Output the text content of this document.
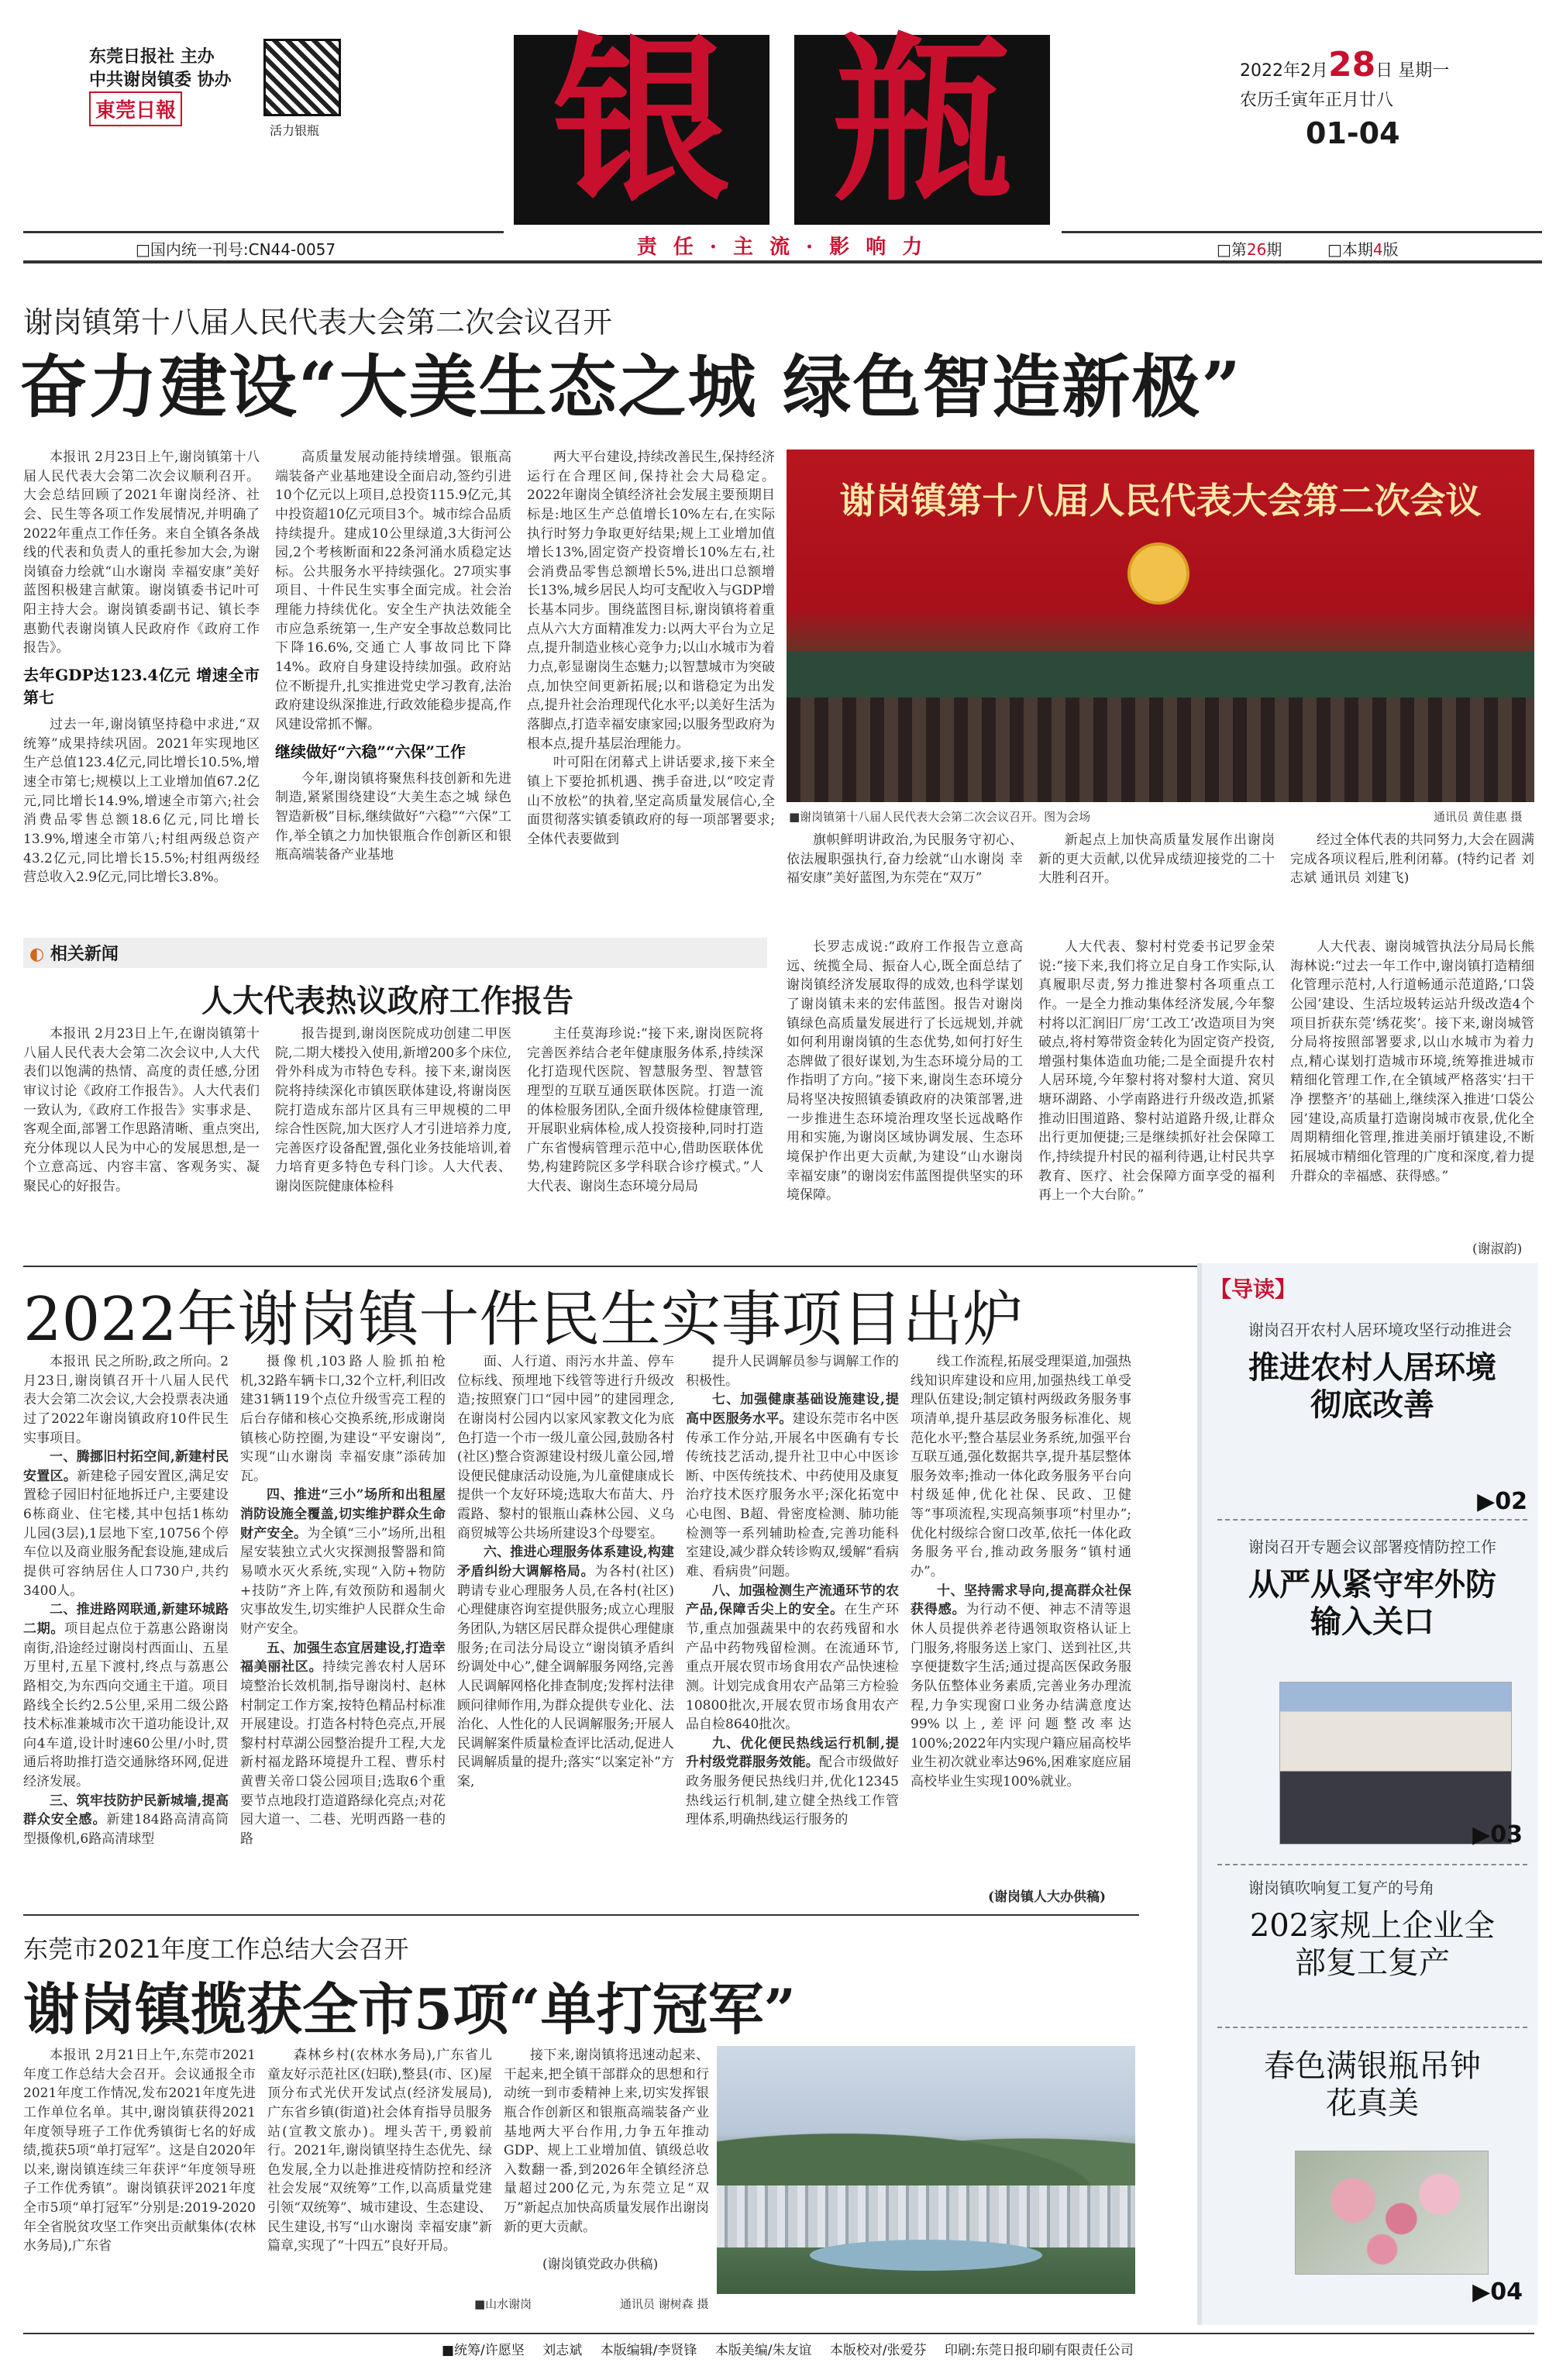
东莞日报社 主办
中共谢岗镇委 协办
東莞日報
活力银瓶 银 瓶
责 任 · 主 流 · 影 响 力
2022年2月28日 星期一
农历壬寅年正月廿八
01-04
□国内统一刊号:CN44-0057	□第26期	□本期4版
谢岗镇第十八届人民代表大会第二次会议召开
奋力建设“大美生态之城 绿色智造新极”

本报讯 2月23日上午,谢岗镇第十八届人民代表大会第二次会议顺利召开。大会总结回顾了2021年谢岗经济、社会、民生等各项工作发展情况,并明确了2022年重点工作任务。来自全镇各条战线的代表和负责人的重托参加大会,为谢岗镇奋力绘就“山水谢岗 幸福安康”美好蓝图积极建言献策。谢岗镇委书记叶可阳主持大会。谢岗镇委副书记、镇长李惠勤代表谢岗镇人民政府作《政府工作报告》。

去年GDP达123.4亿元 增速全市第七

过去一年,谢岗镇坚持稳中求进,“双统筹”成果持续巩固。2021年实现地区生产总值123.4亿元,同比增长10.5%,增速全市第七;规模以上工业增加值67.2亿元,同比增长14.9%,增速全市第六;社会消费品零售总额18.6亿元,同比增长13.9%,增速全市第八;村组两级总资产43.2亿元,同比增长15.5%;村组两级经营总收入2.9亿元,同比增长3.8%。

高质量发展动能持续增强。银瓶高端装备产业基地建设全面启动,签约引进10个亿元以上项目,总投资115.9亿元,其中投资超10亿元项目3个。城市综合品质持续提升。建成10公里绿道,3大街河公园,2个考核断面和22条河涌水质稳定达标。公共服务水平持续强化。27项实事项目、十件民生实事全面完成。社会治理能力持续优化。安全生产执法效能全市应急系统第一,生产安全事故总数同比下降16.6%,交通亡人事故同比下降14%。政府自身建设持续加强。政府站位不断提升,扎实推进党史学习教育,法治政府建设纵深推进,行政效能稳步提高,作风建设常抓不懈。

继续做好“六稳”“六保”工作

今年,谢岗镇将聚焦科技创新和先进制造,紧紧围绕建设“大美生态之城 绿色智造新极”目标,继续做好“六稳”“六保”工作,举全镇之力加快银瓶合作创新区和银瓶高端装备产业基地

两大平台建设,持续改善民生,保持经济运行在合理区间,保持社会大局稳定。2022年谢岗全镇经济社会发展主要预期目标是:地区生产总值增长10%左右,在实际执行时努力争取更好结果;规上工业增加值增长13%,固定资产投资增长10%左右,社会消费品零售总额增长5%,进出口总额增长13%,城乡居民人均可支配收入与GDP增长基本同步。围绕蓝图目标,谢岗镇将着重点从六大方面精准发力:以两大平台为立足点,提升制造业核心竞争力;以山水城市为着力点,彰显谢岗生态魅力;以智慧城市为突破点,加快空间更新拓展;以和谐稳定为出发点,提升社会治理现代化水平;以美好生活为落脚点,打造幸福安康家园;以服务型政府为根本点,提升基层治理能力。

叶可阳在闭幕式上讲话要求,接下来全镇上下要抢抓机遇、携手奋进,以“咬定青山不放松”的执着,坚定高质量发展信心,全面贯彻落实镇委镇政府的每一项部署要求;全体代表要做到

谢岗镇第十八届人民代表大会第二次会议
■谢岗镇第十八届人民代表大会第二次会议召开。图为会场	通讯员 黄佳惠 摄

旗帜鲜明讲政治,为民服务守初心、依法履职强执行,奋力绘就“山水谢岗 幸福安康”美好蓝图,为东莞在“双万”

新起点上加快高质量发展作出谢岗新的更大贡献,以优异成绩迎接党的二十大胜利召开。

经过全体代表的共同努力,大会在圆满完成各项议程后,胜利闭幕。(特约记者 刘志斌 通讯员 刘建飞)

◐ 相关新闻
人大代表热议政府工作报告

本报讯 2月23日上午,在谢岗镇第十八届人民代表大会第二次会议中,人大代表们以饱满的热情、高度的责任感,分团审议讨论《政府工作报告》。人大代表们一致认为,《政府工作报告》实事求是、客观全面,部署工作思路清晰、重点突出,充分体现以人民为中心的发展思想,是一个立意高远、内容丰富、客观务实、凝聚民心的好报告。

报告提到,谢岗医院成功创建二甲医院,二期大楼投入使用,新增200多个床位,骨外科成为市特色专科。接下来,谢岗医院将持续深化市镇医联体建设,将谢岗医院打造成东部片区具有三甲规模的二甲综合性医院,加大医疗人才引进培养力度,完善医疗设备配置,强化业务技能培训,着力培育更多特色专科门诊。人大代表、谢岗医院健康体检科

主任莫海珍说:“接下来,谢岗医院将完善医养结合老年健康服务体系,持续深化打造现代医院、智慧服务型、智慧管理型的互联互通医联体医院。打造一流的体检服务团队,全面升级体检健康管理,开展职业病体检,成人投资接种,同时打造广东省慢病管理示范中心,借助医联体优势,构建跨院区多学科联合诊疗模式。”人大代表、谢岗生态环境分局局

长罗志成说:“政府工作报告立意高远、统揽全局、振奋人心,既全面总结了谢岗镇经济发展取得的成效,也科学谋划了谢岗镇未来的宏伟蓝图。报告对谢岗镇绿色高质量发展进行了长远规划,并就如何利用谢岗镇的生态优势,如何打好生态牌做了很好谋划,为生态环境分局的工作指明了方向。”接下来,谢岗生态环境分局将坚决按照镇委镇政府的决策部署,进一步推进生态环境治理攻坚长远战略作用和实施,为谢岗区域协调发展、生态环境保护作出更大贡献,为建设“山水谢岗 幸福安康”的谢岗宏伟蓝图提供坚实的环境保障。

人大代表、黎村村党委书记罗金荣说:“接下来,我们将立足自身工作实际,认真履职尽责,努力推进黎村各项重点工作。一是全力推动集体经济发展,今年黎村将以汇润旧厂房‘工改工’改造项目为突破点,将村筹带资金转化为固定资产投资,增强村集体造血功能;二是全面提升农村人居环境,今年黎村将对黎村大道、窝贝塘环湖路、小学南路进行升级改造,抓紧推动旧围道路、黎村站道路升级,让群众出行更加便捷;三是继续抓好社会保障工作,持续提升村民的福利待遇,让村民共享教育、医疗、社会保障方面享受的福利再上一个大台阶。”

人大代表、谢岗城管执法分局局长熊海林说:“过去一年工作中,谢岗镇打造精细化管理示范村,人行道畅通示范道路,‘口袋公园’建设、生活垃圾转运站升级改造4个项目折获东莞‘绣花奖’。接下来,谢岗城管分局将按照部署要求,以山水城市为着力点,精心谋划打造城市环境,统筹推进城市精细化管理工作,在全镇域严格落实‘扫干净 摆整齐’的基础上,继续深入推进‘口袋公园’建设,高质量打造谢岗城市夜景,优化全周期精细化管理,推进美丽圩镇建设,不断拓展城市精细化管理的广度和深度,着力提升群众的幸福感、获得感。”

(谢淑韵)
2022年谢岗镇十件民生实事项目出炉

本报讯 民之所盼,政之所向。2月23日,谢岗镇召开十八届人民代表大会第二次会议,大会投票表决通过了2022年谢岗镇政府10件民生实事项目。

一、腾挪旧村拓空间,新建村民安置区。新建稔子园安置区,满足安置稔子园旧村征地拆迁户,主要建设6栋商业、住宅楼,其中包括1栋幼儿园(3层),1层地下室,10756个停车位以及商业服务配套设施,建成后提供可容纳居住人口730户,共约3400人。

二、推进路网联通,新建环城路二期。项目起点位于荔惠公路谢岗南街,沿途经过谢岗村西面山、五星万里村,五星下渡村,终点与荔惠公路相交,为东西向交通主干道。项目路线全长约2.5公里,采用二级公路技术标准兼城市次干道功能设计,双向4车道,设计时速60公里/小时,贯通后将助推打造交通脉络环网,促进经济发展。

三、筑牢技防护民新城墙,提高群众安全感。新建184路高清高筒型摄像机,6路高清球型

摄像机,103路人脸抓拍枪机,32路车辆卡口,32个立杆,利旧改建31辆119个点位升级雪亮工程的后台存储和核心交换系统,形成谢岗镇核心防控圈,为建设“平安谢岗”,实现“山水谢岗 幸福安康”添砖加瓦。

四、推进“三小”场所和出租屋消防设施全覆盖,切实维护群众生命财产安全。为全镇“三小”场所,出租屋安装独立式火灾探测报警器和简易喷水灭火系统,实现“入防+物防+技防”齐上阵,有效预防和遏制火灾事故发生,切实维护人民群众生命财产安全。

五、加强生态宜居建设,打造幸福美丽社区。持续完善农村人居环境整治长效机制,指导谢岗村、赵林村制定工作方案,按特色精品村标准开展建设。打造各村特色亮点,开展黎村村草湖公园整治提升工程,大龙新村福龙路环境提升工程、曹乐村黄曹关帝口袋公园项目;选取6个重要节点地段打造道路绿化亮点;对花园大道一、二巷、光明西路一巷的路

面、人行道、雨污水井盖、停车位标线、预埋地下线管等进行升级改造;按照寮门口“园中园”的建园理念,在谢岗村公园内以家风家教文化为底色打造一个市一级儿童公园,鼓励各村(社区)整合资源建设村级儿童公园,增设便民健康活动设施,为儿童健康成长提供一个友好环境;选取大布苗大、丹霞路、黎村的银瓶山森林公园、义乌商贸城等公共场所建设3个母婴室。

六、推进心理服务体系建设,构建矛盾纠纷大调解格局。为各村(社区)聘请专业心理服务人员,在各村(社区)心理健康咨询室提供服务;成立心理服务团队,为辖区居民群众提供心理健康服务;在司法分局设立“谢岗镇矛盾纠纷调处中心”,健全调解服务网络,完善人民调解网格化排查制度;发挥村法律顾问律师作用,为群众提供专业化、法治化、人性化的人民调解服务;开展人民调解案件质量检查评比活动,促进人民调解质量的提升;落实“以案定补”方案,

提升人民调解员参与调解工作的积极性。

七、加强健康基础设施建设,提高中医服务水平。建设东莞市名中医传承工作分站,开展名中医确有专长传统技艺活动,提升社卫中心中医诊断、中医传统技术、中药使用及康复治疗技术医疗服务水平;深化拓宽中心电图、B超、骨密度检测、肺功能检测等一系列辅助检查,完善功能科室建设,减少群众转诊购双,缓解“看病难、看病贵”问题。

八、加强检测生产流通环节的农产品,保障舌尖上的安全。在生产环节,重点加强蔬果中的农药残留和水产品中药物残留检测。在流通环节,重点开展农贸市场食用农产品快速检测。计划完成食用农产品第三方检验10800批次,开展农贸市场食用农产品自检8640批次。

九、优化便民热线运行机制,提升村级党群服务效能。配合市级做好政务服务便民热线归并,优化12345热线运行机制,建立健全热线工作管理体系,明确热线运行服务的

线工作流程,拓展受理渠道,加强热线知识库建设和应用,加强热线工单受理队伍建设;制定镇村两级政务服务事项清单,提升基层政务服务标准化、规范化水平;整合基层业务系统,加强平台互联互通,强化数据共享,提升基层整体服务效率;推动一体化政务服务平台向村级延伸,优化社保、民政、卫健等“事项流程,实现高频事项“村里办”;优化村级综合窗口改革,依托一体化政务服务平台,推动政务服务“镇村通办”。

十、坚持需求导向,提高群众社保获得感。为行动不便、神志不清等退休人员提供养老待遇领取资格认证上门服务,将服务送上家门、送到社区,共享便捷数字生活;通过提高医保政务服务队伍整体业务素质,完善业务办理流程,力争实现窗口业务办结满意度达99%以上,差评问题整改率达100%;2022年内实现户籍应届高校毕业生初次就业率达96%,困难家庭应届高校毕业生实现100%就业。

(谢岗镇人大办供稿)
东莞市2021年度工作总结大会召开
谢岗镇揽获全市5项“单打冠军”

本报讯 2月21日上午,东莞市2021年度工作总结大会召开。会议通报全市2021年度工作情况,发布2021年度先进工作单位名单。其中,谢岗镇获得2021年度领导班子工作优秀镇街七名的好成绩,揽获5项“单打冠军”。这是自2020年以来,谢岗镇连续三年获评“年度领导班子工作优秀镇”。谢岗镇获评2021年度全市5项“单打冠军”分别是:2019-2020年全省脱贫攻坚工作突出贡献集体(农林水务局),广东省

森林乡村(农林水务局),广东省儿童友好示范社区(妇联),整县(市、区)屋顶分布式光伏开发试点(经济发展局),广东省乡镇(街道)社会体育指导员服务站(宣教文旅办)。埋头苦干,勇毅前行。2021年,谢岗镇坚持生态优先、绿色发展,全力以赴推进疫情防控和经济社会发展“双统筹”工作,以高质量党建引领“双统筹”、城市建设、生态建设、民生建设,书写“山水谢岗 幸福安康”新篇章,实现了“十四五”良好开局。

接下来,谢岗镇将迅速动起来、干起来,把全镇干部群众的思想和行动统一到市委精神上来,切实发挥银瓶合作创新区和银瓶高端装备产业基地两大平台作用,力争五年推动GDP、规上工业增加值、镇级总收入数翻一番,到2026年全镇经济总量超过200亿元,为东莞立足“双万”新起点加快高质量发展作出谢岗新的更大贡献。

(谢岗镇党政办供稿)
■山水谢岗	通讯员 谢树森 摄
【导读】
谢岗召开农村人居环境攻坚行动推进会
推进农村人居环境彻底改善
▶02
谢岗召开专题会议部署疫情防控工作
从严从紧守牢外防输入关口
▶03
谢岗镇吹响复工复产的号角
202家规上企业全部复工复产
春色满银瓶吊钟花真美
▶04
■统筹/许愿坚 刘志斌 本版编辑/李贤锋 本版美编/朱友谊 本版校对/张爱芬 印刷:东莞日报印刷有限责任公司
